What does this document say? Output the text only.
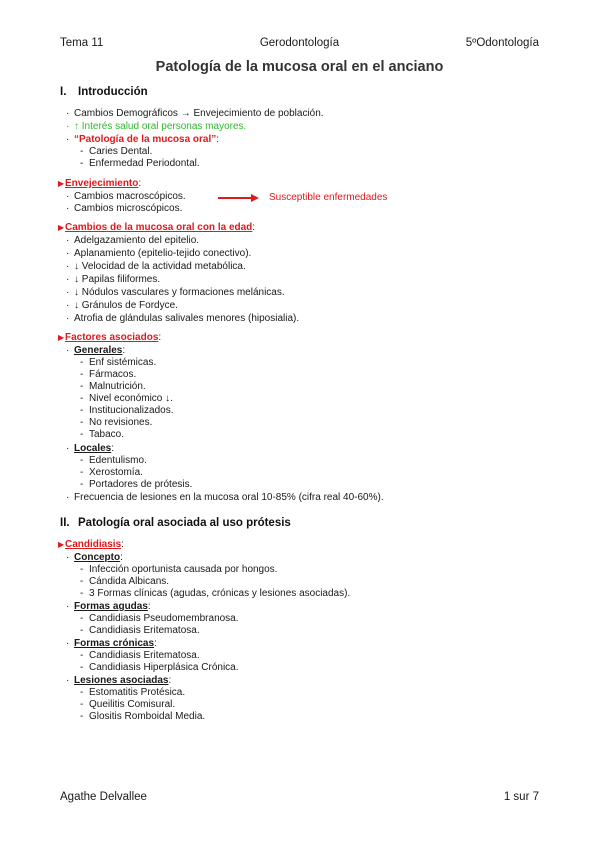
Tema 11	Gerodontología	5ºOdontología
Patología de la mucosa oral en el anciano
I. Introducción
· Cambios Demográficos → Envejecimiento de población.
· ↑ Interés salud oral personas mayores.
· “Patología de la mucosa oral”:
- Caries Dental.
- Enfermedad Periodontal.
▶Envejecimiento:
· Cambios macroscópicos.
· Cambios microscópicos.
Susceptible enfermedades
▶Cambios de la mucosa oral con la edad:
· Adelgazamiento del epitelio.
· Aplanamiento (epitelio-tejido conectivo).
· ↓ Velocidad de la actividad metabólica.
· ↓ Papilas filiformes.
· ↓ Nódulos vasculares y formaciones melánicas.
· ↓ Gránulos de Fordyce.
· Atrofia de glándulas salivales menores (hiposialia).
▶Factores asociados:
· Generales:
- Enf sistémicas.
- Fármacos.
- Malnutrición.
- Nivel económico ↓.
- Institucionalizados.
- No revisiones.
- Tabaco.
· Locales:
- Edentulismo.
- Xerostomía.
- Portadores de prótesis.
· Frecuencia de lesiones en la mucosa oral 10-85% (cifra real 40-60%).
II. Patología oral asociada al uso prótesis
▶Candidiasis:
· Concepto:
- Infección oportunista causada por hongos.
- Cándida Albicans.
- 3 Formas clínicas (agudas, crónicas y lesiones asociadas).
· Formas agudas:
- Candidiasis Pseudomembranosa.
- Candidiasis Eritematosa.
· Formas crónicas:
- Candidiasis Eritematosa.
- Candidiasis Hiperplásica Crónica.
· Lesiones asociadas:
- Estomatitis Protésica.
- Queilitis Comisural.
- Glositis Romboidal Media.
Agathe Delvallee	1 sur 7
